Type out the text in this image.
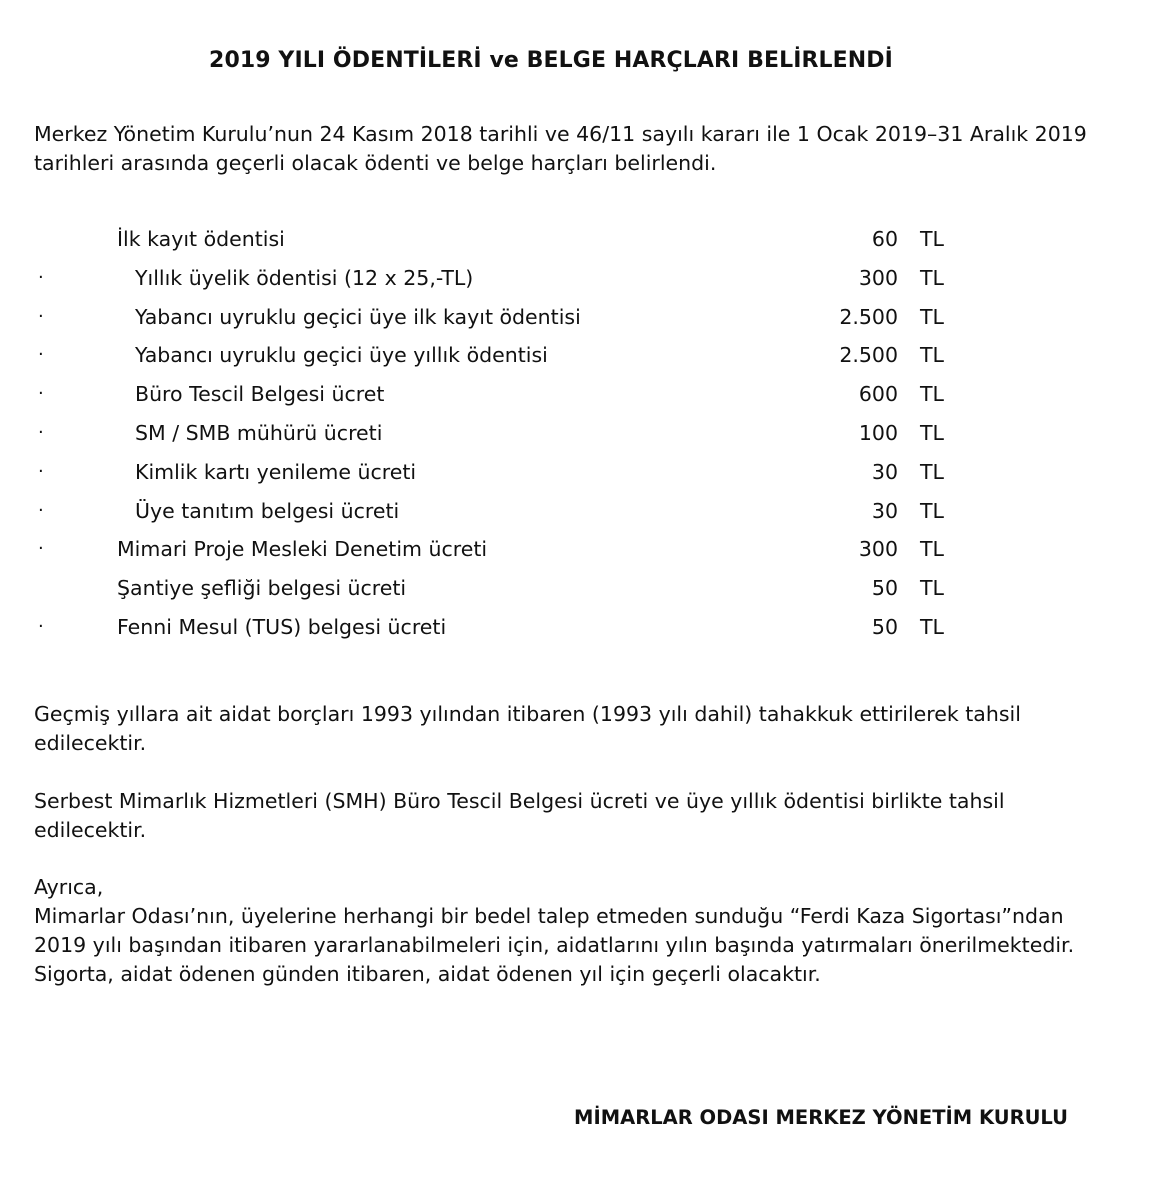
2019 YILI ÖDENTİLERİ ve BELGE HARÇLARI BELİRLENDİ

Merkez Yönetim Kurulu’nun 24 Kasım 2018 tarihli ve 46/11 sayılı kararı ile 1 Ocak 2019–31 Aralık 2019 tarihleri arasında geçerli olacak ödenti ve belge harçları belirlendi.

İlk kayıt ödentisi	60 TL
·	Yıllık üyelik ödentisi (12 x 25,-TL)	300 TL
·	Yabancı uyruklu geçici üye ilk kayıt ödentisi	2.500 TL
·	Yabancı uyruklu geçici üye yıllık ödentisi	2.500 TL
·	Büro Tescil Belgesi ücret	600 TL
·	SM / SMB mühürü ücreti	100 TL
·	Kimlik kartı yenileme ücreti	30 TL
·	Üye tanıtım belgesi ücreti	30 TL
·	Mimari Proje Mesleki Denetim ücreti	300 TL
Şantiye şefliği belgesi ücreti	50 TL
·	Fenni Mesul (TUS) belgesi ücreti	50 TL

Geçmiş yıllara ait aidat borçları 1993 yılından itibaren (1993 yılı dahil) tahakkuk ettirilerek tahsil edilecektir.

Serbest Mimarlık Hizmetleri (SMH) Büro Tescil Belgesi ücreti ve üye yıllık ödentisi birlikte tahsil edilecektir.

Ayrıca,
Mimarlar Odası’nın, üyelerine herhangi bir bedel talep etmeden sunduğu “Ferdi Kaza Sigortası”ndan 2019 yılı başından itibaren yararlanabilmeleri için, aidatlarını yılın başında yatırmaları önerilmektedir. Sigorta, aidat ödenen günden itibaren, aidat ödenen yıl için geçerli olacaktır.
MİMARLAR ODASI MERKEZ YÖNETİM KURULU
